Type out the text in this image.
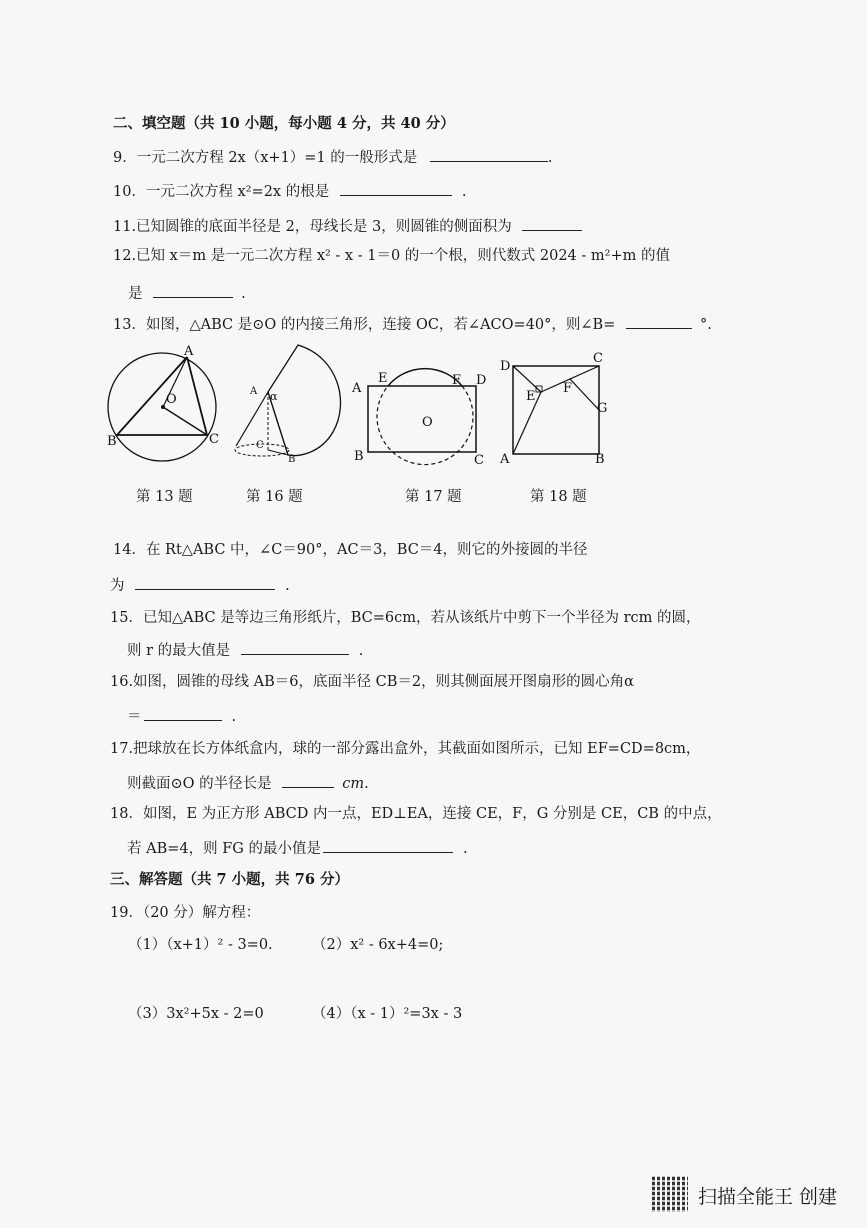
二、填空题（共 10 小题，每小题 4 分，共 40 分）
9．一元二次方程 2x（x+1）=1 的一般形式是	.
10．一元二次方程 x²=2x 的根是	.
11.已知圆锥的底面半径是 2，母线长是 3，则圆锥的侧面积为
12.已知 x＝m 是一元二次方程 x² - x - 1＝0 的一个根，则代数式 2024 - m²+m 的值
是	.
13．如图，△ABC 是⊙O 的内接三角形，连接 OC，若∠ACO=40°，则∠B=	°.
A
B	C
O
A α
C
B
A
E	F D
B	C
O
D
C
E
F
G
A	B
第 13 题	第 16 题	第 17 题	第 18 题
14．在 Rt△ABC 中，∠C＝90°，AC＝3，BC＝4，则它的外接圆的半径
为	.
15．已知△ABC 是等边三角形纸片，BC=6cm，若从该纸片中剪下一个半径为 rcm 的圆，
则 r 的最大值是	.
16.如图，圆锥的母线 AB＝6，底面半径 CB＝2，则其侧面展开图扇形的圆心角α
＝	.
17.把球放在长方体纸盒内，球的一部分露出盒外，其截面如图所示，已知 EF=CD=8cm，
则截面⊙O 的半径长是	cm.
18．如图，E 为正方形 ABCD 内一点，ED⊥EA，连接 CE，F，G 分别是 CE，CB 的中点，
若 AB=4，则 FG 的最小值是	.
三、解答题（共 7 小题，共 76 分）
19．（20 分）解方程：
（1）（x+1）² - 3=0.	（2）x² - 6x+4=0;
（3）3x²+5x - 2=0	（4）（x - 1）²=3x - 3
扫描全能王 创建
